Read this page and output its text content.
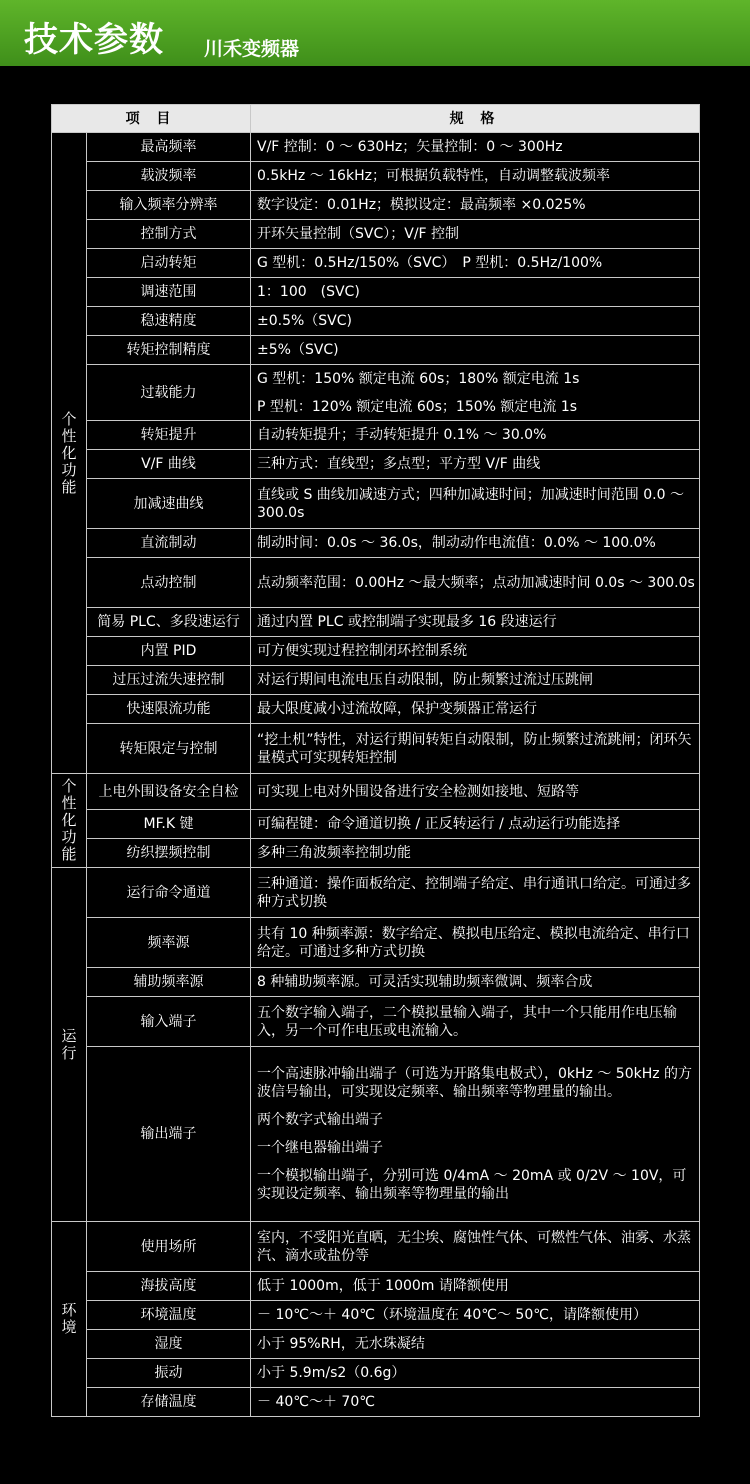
技术参数 川禾变频器
项 目		规 格
个性化功能	最高频率	V/F 控制：0 ～ 630Hz；矢量控制：0 ～ 300Hz

	载波频率	0.5kHz ～ 16kHz；可根据负载特性，自动调整载波频率

	输入频率分辨率	数字设定：0.01Hz；模拟设定：最高频率 ×0.025%

	控制方式	开环矢量控制（SVC）；V/F 控制

	启动转矩	G 型机：0.5Hz/150%（SVC）　P 型机：0.5Hz/100%

	调速范围	1：100　(SVC)

	稳速精度	±0.5%（SVC)

	转矩控制精度	±5%（SVC)

	过载能力	G 型机：150% 额定电流 60s；180% 额定电流 1s
P 型机：120% 额定电流 60s；150% 额定电流 1s

	转矩提升	自动转矩提升；手动转矩提升 0.1% ～ 30.0%

	V/F 曲线	三种方式：直线型；多点型；平方型 V/F 曲线

	加减速曲线	直线或 S 曲线加减速方式；四种加减速时间；加减速时间范围 0.0 ～ 300.0s

	直流制动	制动时间：0.0s ～ 36.0s，制动动作电流值：0.0% ～ 100.0%

	点动控制	点动频率范围：0.00Hz ～最大频率；点动加减速时间 0.0s ～ 300.0s

	简易 PLC、多段速运行	通过内置 PLC 或控制端子实现最多 16 段速运行

	内置 PID	可方便实现过程控制闭环控制系统

	过压过流失速控制	对运行期间电流电压自动限制，防止频繁过流过压跳闸

	快速限流功能	最大限度减小过流故障，保护变频器正常运行

	转矩限定与控制	“挖土机”特性，对运行期间转矩自动限制，防止频繁过流跳闸；闭环矢量模式可实现转矩控制

个性化功能	上电外围设备安全自检	可实现上电对外围设备进行安全检测如接地、短路等

	MF.K 键	可编程键：命令通道切换 / 正反转运行 / 点动运行功能选择

	纺织摆频控制	多种三角波频率控制功能

运行	运行命令通道	三种通道：操作面板给定、控制端子给定、串行通讯口给定。可通过多种方式切换

	频率源	共有 10 种频率源：数字给定、模拟电压给定、模拟电流给定、串行口给定。可通过多种方式切换

	辅助频率源	8 种辅助频率源。可灵活实现辅助频率微调、频率合成

	输入端子	五个数字输入端子，二个模拟量输入端子，其中一个只能用作电压输入，另一个可作电压或电流输入。

	输出端子	一个高速脉冲输出端子（可选为开路集电极式），0kHz ～ 50kHz 的方波信号输出，可实现设定频率、输出频率等物理量的输出。
两个数字式输出端子
一个继电器输出端子
一个模拟输出端子，分别可选 0/4mA ～ 20mA 或 0/2V ～ 10V，可实现设定频率、输出频率等物理量的输出

环境	使用场所	室内，不受阳光直晒，无尘埃、腐蚀性气体、可燃性气体、油雾、水蒸汽、滴水或盐份等

	海拔高度	低于 1000m，低于 1000m 请降额使用

	环境温度	－ 10℃～＋ 40℃（环境温度在 40℃～ 50℃，请降额使用）

	湿度	小于 95%RH，无水珠凝结

	振动	小于 5.9m/s2（0.6g）

	存储温度	－ 40℃～＋ 70℃
